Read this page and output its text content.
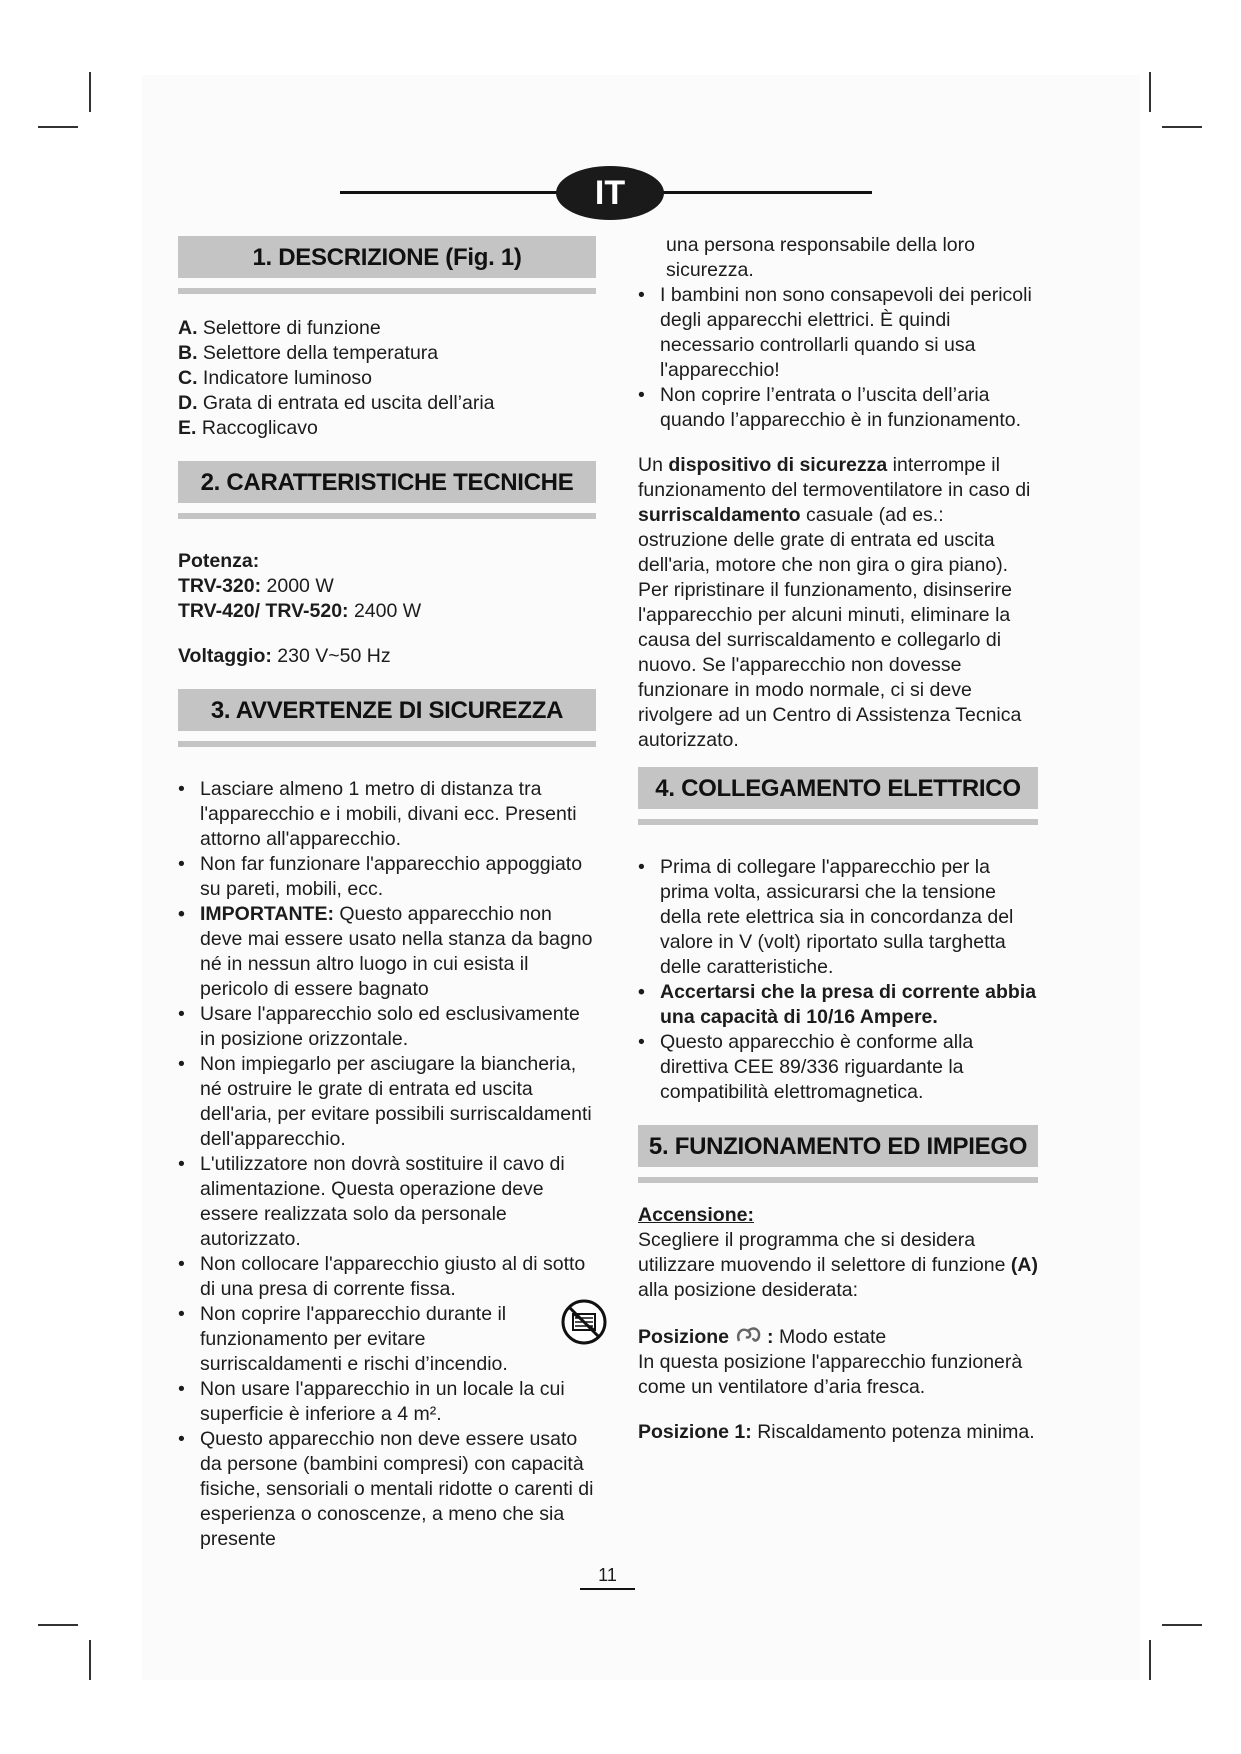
IT
1. DESCRIZIONE (Fig. 1)
A. Selettore di funzione
B. Selettore della temperatura
C. Indicatore luminoso
D. Grata di entrata ed uscita dell’aria
E. Raccoglicavo
2. CARATTERISTICHE TECNICHE

Potenza:

TRV-320: 2000 W

TRV-420/ TRV-520: 2400 W

Voltaggio: 230 V~50 Hz

3. AVVERTENZE DI SICUREZZA
• Lasciare almeno 1 metro di distanza tra l'apparecchio e i mobili, divani ecc. Presenti attorno all'apparecchio.
• Non far funzionare l'apparecchio appoggiato su pareti, mobili, ecc.
• IMPORTANTE: Questo apparecchio non deve mai essere usato nella stanza da bagno né in nessun altro luogo in cui esista il pericolo di essere bagnato
• Usare l'apparecchio solo ed esclusivamente in posizione orizzontale.
• Non impiegarlo per asciugare la biancheria, né ostruire le grate di entrata ed uscita dell'aria, per evitare possibili surriscaldamenti dell'apparecchio.
• L'utilizzatore non dovrà sostituire il cavo di alimentazione. Questa operazione deve essere realizzata solo da personale autorizzato.
• Non collocare l'apparecchio giusto al di sotto di una presa di corrente fissa.
• Non coprire l'apparecchio durante il funzionamento per evitare surriscaldamenti e rischi d’incendio.
• Non usare l'apparecchio in un locale la cui superficie è inferiore a 4 m².
• Questo apparecchio non deve essere usato da persone (bambini compresi) con capacità fisiche, sensoriali o mentali ridotte o carenti di esperienza o conoscenze, a meno che sia presente

una persona responsabile della loro sicurezza.

• I bambini non sono consapevoli dei pericoli degli apparecchi elettrici. È quindi necessario controllarli quando si usa l'apparecchio!
• Non coprire l’entrata o l’uscita dell’aria quando l’apparecchio è in funzionamento.

Un dispositivo di sicurezza interrompe il funzionamento del termoventilatore in caso di surriscaldamento casuale (ad es.: ostruzione delle grate di entrata ed uscita dell'aria, motore che non gira o gira piano). Per ripristinare il funzionamento, disinserire l'apparecchio per alcuni minuti, eliminare la causa del surriscaldamento e collegarlo di nuovo. Se l'apparecchio non dovesse funzionare in modo normale, ci si deve rivolgere ad un Centro di Assistenza Tecnica autorizzato.

4. COLLEGAMENTO ELETTRICO
• Prima di collegare l'apparecchio per la prima volta, assicurarsi che la tensione della rete elettrica sia in concordanza del valore in V (volt) riportato sulla targhetta delle caratteristiche.
• Accertarsi che la presa di corrente abbia una capacità di 10/16 Ampere.
• Questo apparecchio è conforme alla direttiva CEE 89/336 riguardante la compatibilità elettromagnetica.
5. FUNZIONAMENTO ED IMPIEGO

Accensione:

Scegliere il programma che si desidera utilizzare muovendo il selettore di funzione (A) alla posizione desiderata:

Posizione : Modo estate

In questa posizione l'apparecchio funzionerà come un ventilatore d’aria fresca.

Posizione 1: Riscaldamento potenza minima.

11
